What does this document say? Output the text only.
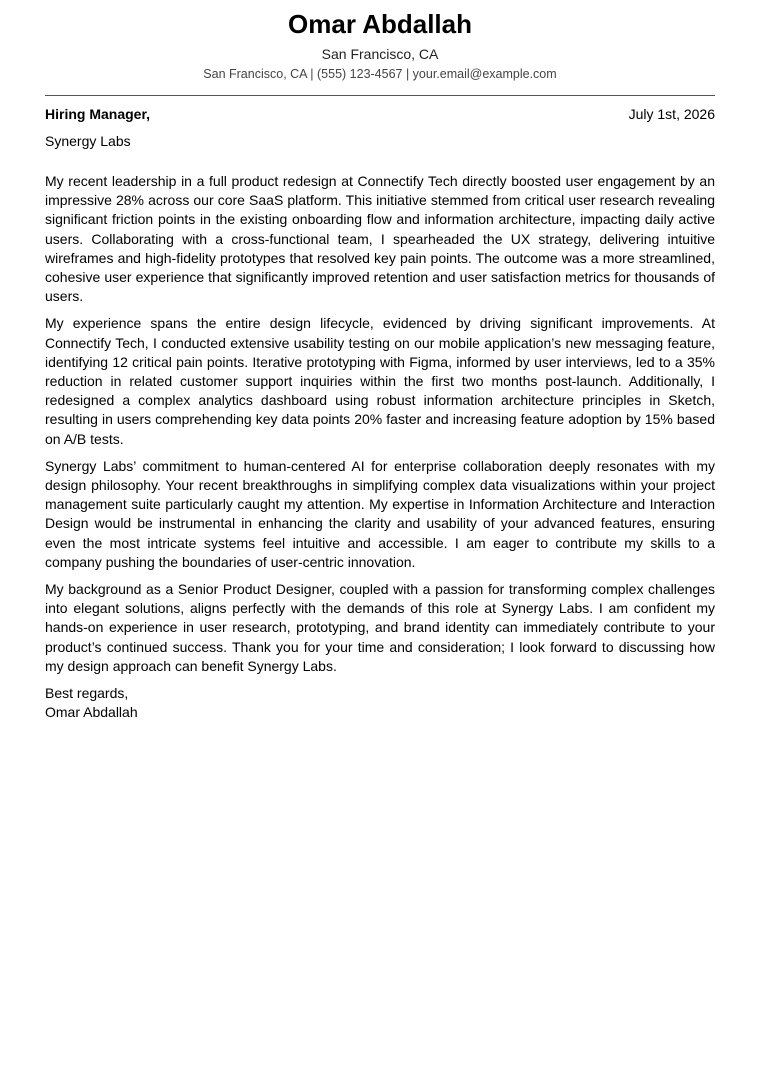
Omar Abdallah
San Francisco, CA
San Francisco, CA | (555) 123-4567 | your.email@example.com
Hiring Manager,	July 1st, 2026
Synergy Labs

My recent leadership in a full product redesign at Connectify Tech directly boosted user engagement by an impressive 28% across our core SaaS platform. This initiative stemmed from critical user research revealing significant friction points in the existing onboarding flow and information architecture, impacting daily active users. Collaborating with a cross-functional team, I spearheaded the UX strategy, delivering intuitive wireframes and high-fidelity prototypes that resolved key pain points. The outcome was a more streamlined, cohesive user experience that significantly improved retention and user satisfaction metrics for thousands of users.

My experience spans the entire design lifecycle, evidenced by driving significant improvements. At Connectify Tech, I conducted extensive usability testing on our mobile application’s new messaging feature, identifying 12 critical pain points. Iterative prototyping with Figma, informed by user interviews, led to a 35% reduction in related customer support inquiries within the first two months post-launch. Additionally, I redesigned a complex analytics dashboard using robust information architecture principles in Sketch, resulting in users comprehending key data points 20% faster and increasing feature adoption by 15% based on A/B tests.

Synergy Labs’ commitment to human-centered AI for enterprise collaboration deeply resonates with my design philosophy. Your recent breakthroughs in simplifying complex data visualizations within your project management suite particularly caught my attention. My expertise in Information Architecture and Interaction Design would be instrumental in enhancing the clarity and usability of your advanced features, ensuring even the most intricate systems feel intuitive and accessible. I am eager to contribute my skills to a company pushing the boundaries of user-centric innovation.

My background as a Senior Product Designer, coupled with a passion for transforming complex challenges into elegant solutions, aligns perfectly with the demands of this role at Synergy Labs. I am confident my hands-on experience in user research, prototyping, and brand identity can immediately contribute to your product’s continued success. Thank you for your time and consideration; I look forward to discussing how my design approach can benefit Synergy Labs.

Best regards,
Omar Abdallah
